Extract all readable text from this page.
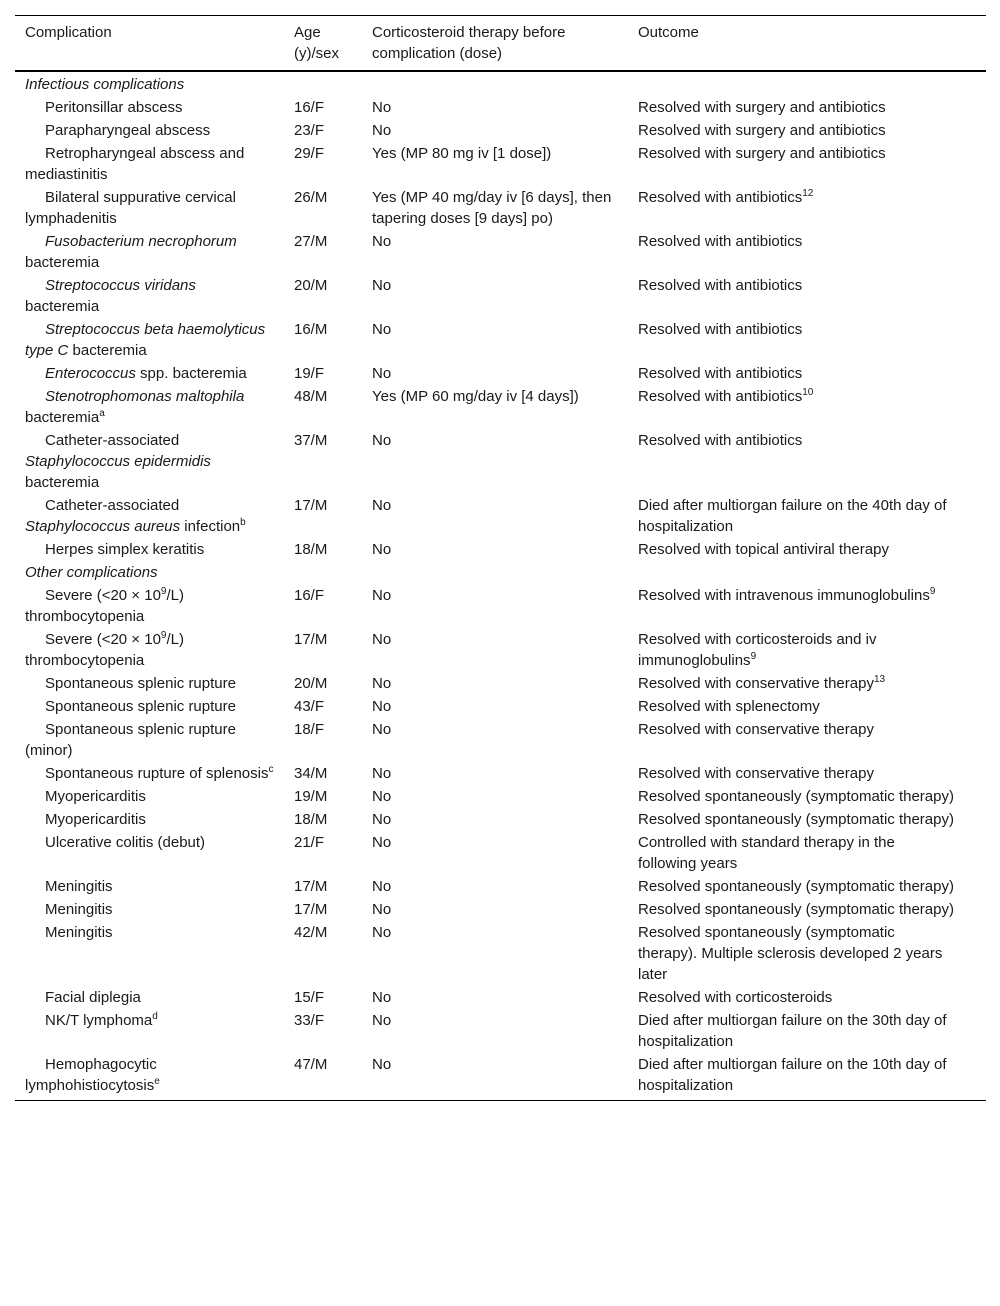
Complication	Age (y)/sex	Corticosteroid therapy before complication (dose)	Outcome
Infectious complications			
Peritonsillar abscess	16/F	No	Resolved with surgery and antibiotics
Parapharyngeal abscess	23/F	No	Resolved with surgery and antibiotics
Retropharyngeal abscess and mediastinitis	29/F	Yes (MP 80 mg iv [1 dose])	Resolved with surgery and antibiotics
Bilateral suppurative cervical lymphadenitis	26/M	Yes (MP 40 mg/day iv [6 days], then tapering doses [9 days] po)	Resolved with antibiotics$^{12}$
Fusobacterium necrophorum bacteremia	27/M	No	Resolved with antibiotics
Streptococcus viridans bacteremia	20/M	No	Resolved with antibiotics
Streptococcus beta haemolyticus type C bacteremia	16/M	No	Resolved with antibiotics
Enterococcus spp. bacteremia	19/F	No	Resolved with antibiotics
Stenotrophomonas maltophila bacteremia$^a$	48/M	Yes (MP 60 mg/day iv [4 days])	Resolved with antibiotics$^{10}$
Catheter-associated Staphylococcus epidermidis bacteremia	37/M	No	Resolved with antibiotics
Catheter-associated Staphylococcus aureus infection$^b$	17/M	No	Died after multiorgan failure on the 40th day of hospitalization
Herpes simplex keratitis	18/M	No	Resolved with topical antiviral therapy
Other complications			
Severe $(<20 \times 10^9/L)$ thrombocytopenia	16/F	No	Resolved with intravenous immunoglobulins$^9$
Severe $(<20 \times 10^9/L)$ thrombocytopenia	17/M	No	Resolved with corticosteroids and iv immunoglobulins$^9$
Spontaneous splenic rupture	20/M	No	Resolved with conservative therapy$^{13}$
Spontaneous splenic rupture	43/F	No	Resolved with splenectomy
Spontaneous splenic rupture (minor)	18/F	No	Resolved with conservative therapy
Spontaneous rupture of splenosis$^c$	34/M	No	Resolved with conservative therapy
Myopericarditis	19/M	No	Resolved spontaneously (symptomatic therapy)
Myopericarditis	18/M	No	Resolved spontaneously (symptomatic therapy)
Ulcerative colitis (debut)	21/F	No	Controlled with standard therapy in the following years
Meningitis	17/M	No	Resolved spontaneously (symptomatic therapy)
Meningitis	17/M	No	Resolved spontaneously (symptomatic therapy)
Meningitis	42/M	No	Resolved spontaneously (symptomatic therapy). Multiple sclerosis developed 2 years later
Facial diplegia	15/F	No	Resolved with corticosteroids
NK/T lymphoma$^d$	33/F	No	Died after multiorgan failure on the 30th day of hospitalization
Hemophagocytic lymphohistiocytosis$^e$	47/M	No	Died after multiorgan failure on the 10th day of hospitalization
